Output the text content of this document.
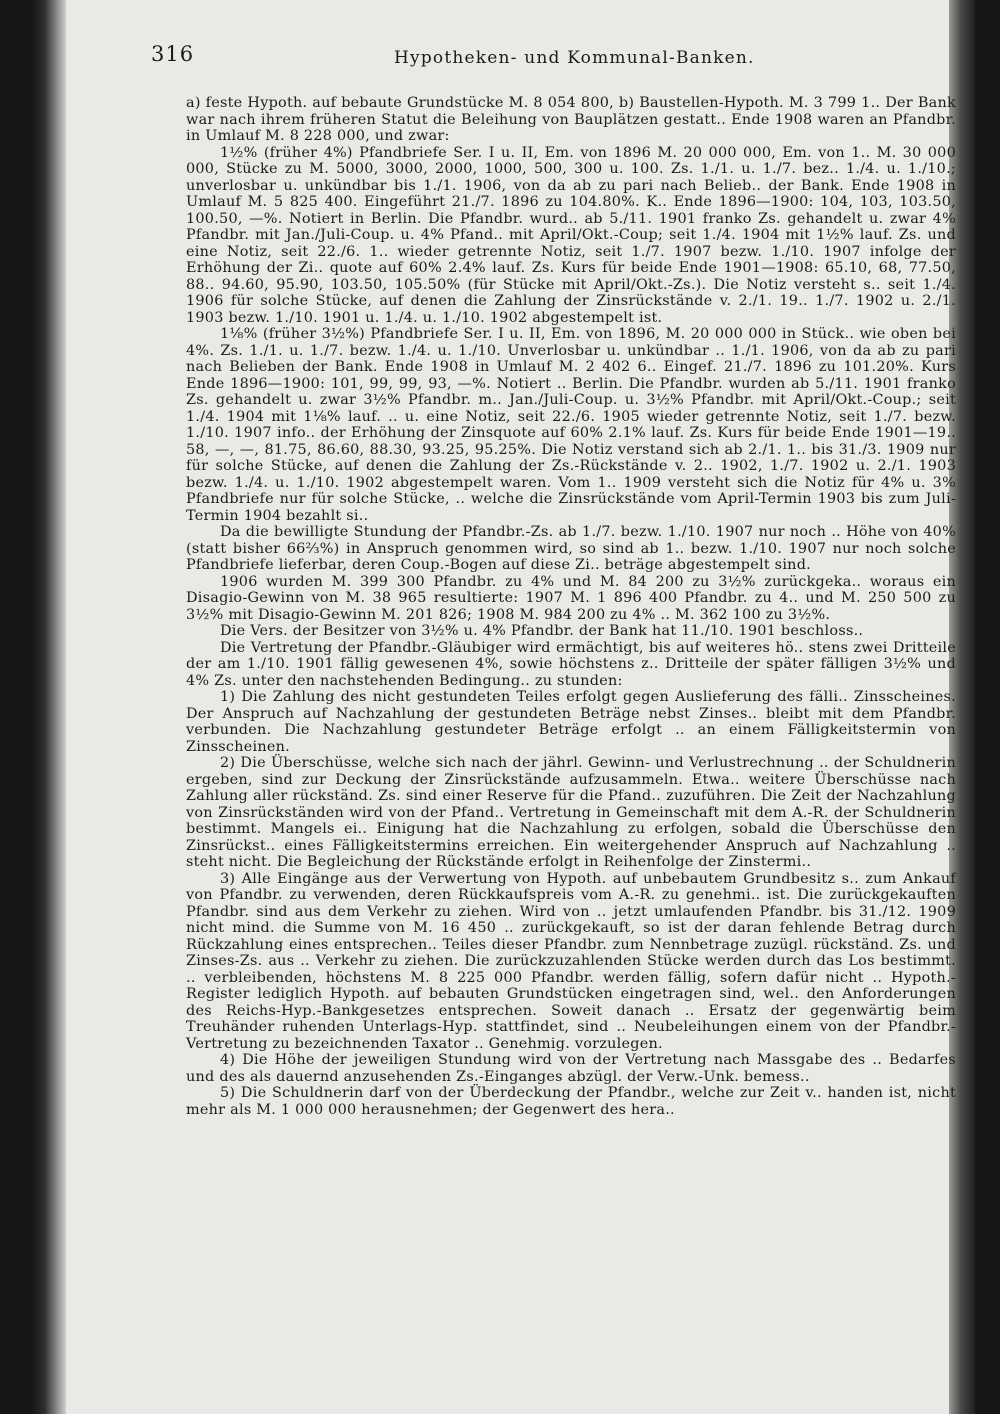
316	Hypotheken- und Kommunal-Banken.

a) feste Hypoth. auf bebaute Grundstücke M. 8 054 800, b) Baustellen-Hypoth. M. 3 799 1.. Der Bank war nach ihrem früheren Statut die Beleihung von Bauplätzen gestatt.. Ende 1908 waren an Pfandbr. in Umlauf M. 8 228 000, und zwar:

1½% (früher 4%) Pfandbriefe Ser. I u. II, Em. von 1896 M. 20 000 000, Em. von 1.. M. 30 000 000, Stücke zu M. 5000, 3000, 2000, 1000, 500, 300 u. 100. Zs. 1./1. u. 1./7. bez.. 1./4. u. 1./10.; unverlosbar u. unkündbar bis 1./1. 1906, von da ab zu pari nach Belieb.. der Bank. Ende 1908 in Umlauf M. 5 825 400. Eingeführt 21./7. 1896 zu 104.80%. K.. Ende 1896—1900: 104, 103, 103.50, 100.50, —%. Notiert in Berlin. Die Pfandbr. wurd.. ab 5./11. 1901 franko Zs. gehandelt u. zwar 4% Pfandbr. mit Jan./Juli-Coup. u. 4% Pfand.. mit April/Okt.-Coup; seit 1./4. 1904 mit 1½% lauf. Zs. und eine Notiz, seit 22./6. 1.. wieder getrennte Notiz, seit 1./7. 1907 bezw. 1./10. 1907 infolge der Erhöhung der Zi.. quote auf 60% 2.4% lauf. Zs. Kurs für beide Ende 1901—1908: 65.10, 68, 77.50, 88.. 94.60, 95.90, 103.50, 105.50% (für Stücke mit April/Okt.-Zs.). Die Notiz versteht s.. seit 1./4. 1906 für solche Stücke, auf denen die Zahlung der Zinsrückstände v. 2./1. 19.. 1./7. 1902 u. 2./1. 1903 bezw. 1./10. 1901 u. 1./4. u. 1./10. 1902 abgestempelt ist.

1⅛% (früher 3½%) Pfandbriefe Ser. I u. II, Em. von 1896, M. 20 000 000 in Stück.. wie oben bei 4%. Zs. 1./1. u. 1./7. bezw. 1./4. u. 1./10. Unverlosbar u. unkündbar .. 1./1. 1906, von da ab zu pari nach Belieben der Bank. Ende 1908 in Umlauf M. 2 402 6.. Eingef. 21./7. 1896 zu 101.20%. Kurs Ende 1896—1900: 101, 99, 99, 93, —%. Notiert .. Berlin. Die Pfandbr. wurden ab 5./11. 1901 franko Zs. gehandelt u. zwar 3½% Pfandbr. m.. Jan./Juli-Coup. u. 3½% Pfandbr. mit April/Okt.-Coup.; seit 1./4. 1904 mit 1⅛% lauf. .. u. eine Notiz, seit 22./6. 1905 wieder getrennte Notiz, seit 1./7. bezw. 1./10. 1907 info.. der Erhöhung der Zinsquote auf 60% 2.1% lauf. Zs. Kurs für beide Ende 1901—19.. 58, —, —, 81.75, 86.60, 88.30, 93.25, 95.25%. Die Notiz verstand sich ab 2./1. 1.. bis 31./3. 1909 nur für solche Stücke, auf denen die Zahlung der Zs.-Rückstände v. 2.. 1902, 1./7. 1902 u. 2./1. 1903 bezw. 1./4. u. 1./10. 1902 abgestempelt waren. Vom 1.. 1909 versteht sich die Notiz für 4% u. 3% Pfandbriefe nur für solche Stücke, .. welche die Zinsrückstände vom April-Termin 1903 bis zum Juli-Termin 1904 bezahlt si..

Da die bewilligte Stundung der Pfandbr.-Zs. ab 1./7. bezw. 1./10. 1907 nur noch .. Höhe von 40% (statt bisher 66⅔%) in Anspruch genommen wird, so sind ab 1.. bezw. 1./10. 1907 nur noch solche Pfandbriefe lieferbar, deren Coup.-Bogen auf diese Zi.. beträge abgestempelt sind.

1906 wurden M. 399 300 Pfandbr. zu 4% und M. 84 200 zu 3½% zurückgeka.. woraus ein Disagio-Gewinn von M. 38 965 resultierte: 1907 M. 1 896 400 Pfandbr. zu 4.. und M. 250 500 zu 3½% mit Disagio-Gewinn M. 201 826; 1908 M. 984 200 zu 4% .. M. 362 100 zu 3½%.

Die Vers. der Besitzer von 3½% u. 4% Pfandbr. der Bank hat 11./10. 1901 beschloss..

Die Vertretung der Pfandbr.-Gläubiger wird ermächtigt, bis auf weiteres hö.. stens zwei Dritteile der am 1./10. 1901 fällig gewesenen 4%, sowie höchstens z.. Dritteile der später fälligen 3½% und 4% Zs. unter den nachstehenden Bedingung.. zu stunden:

1) Die Zahlung des nicht gestundeten Teiles erfolgt gegen Auslieferung des fälli.. Zinsscheines. Der Anspruch auf Nachzahlung der gestundeten Beträge nebst Zinses.. bleibt mit dem Pfandbr. verbunden. Die Nachzahlung gestundeter Beträge erfolgt .. an einem Fälligkeitstermin von Zinsscheinen.

2) Die Überschüsse, welche sich nach der jährl. Gewinn- und Verlustrechnung .. der Schuldnerin ergeben, sind zur Deckung der Zinsrückstände aufzusammeln. Etwa.. weitere Überschüsse nach Zahlung aller rückständ. Zs. sind einer Reserve für die Pfand.. zuzuführen. Die Zeit der Nachzahlung von Zinsrückständen wird von der Pfand.. Vertretung in Gemeinschaft mit dem A.-R. der Schuldnerin bestimmt. Mangels ei.. Einigung hat die Nachzahlung zu erfolgen, sobald die Überschüsse den Zinsrückst.. eines Fälligkeitstermins erreichen. Ein weitergehender Anspruch auf Nachzahlung .. steht nicht. Die Begleichung der Rückstände erfolgt in Reihenfolge der Zinstermi..

3) Alle Eingänge aus der Verwertung von Hypoth. auf unbebautem Grundbesitz s.. zum Ankauf von Pfandbr. zu verwenden, deren Rückkaufspreis vom A.-R. zu genehmi.. ist. Die zurückgekauften Pfandbr. sind aus dem Verkehr zu ziehen. Wird von .. jetzt umlaufenden Pfandbr. bis 31./12. 1909 nicht mind. die Summe von M. 16 450 .. zurückgekauft, so ist der daran fehlende Betrag durch Rückzahlung eines entsprechen.. Teiles dieser Pfandbr. zum Nennbetrage zuzügl. rückständ. Zs. und Zinses-Zs. aus .. Verkehr zu ziehen. Die zurückzuzahlenden Stücke werden durch das Los bestimmt. .. verbleibenden, höchstens M. 8 225 000 Pfandbr. werden fällig, sofern dafür nicht .. Hypoth.-Register lediglich Hypoth. auf bebauten Grundstücken eingetragen sind, wel.. den Anforderungen des Reichs-Hyp.-Bankgesetzes entsprechen. Soweit danach .. Ersatz der gegenwärtig beim Treuhänder ruhenden Unterlags-Hyp. stattfindet, sind .. Neubeleihungen einem von der Pfandbr.-Vertretung zu bezeichnenden Taxator .. Genehmig. vorzulegen.

4) Die Höhe der jeweiligen Stundung wird von der Vertretung nach Massgabe des .. Bedarfes und des als dauernd anzusehenden Zs.-Einganges abzügl. der Verw.-Unk. bemess..

5) Die Schuldnerin darf von der Überdeckung der Pfandbr., welche zur Zeit v.. handen ist, nicht mehr als M. 1 000 000 herausnehmen; der Gegenwert des hera..
